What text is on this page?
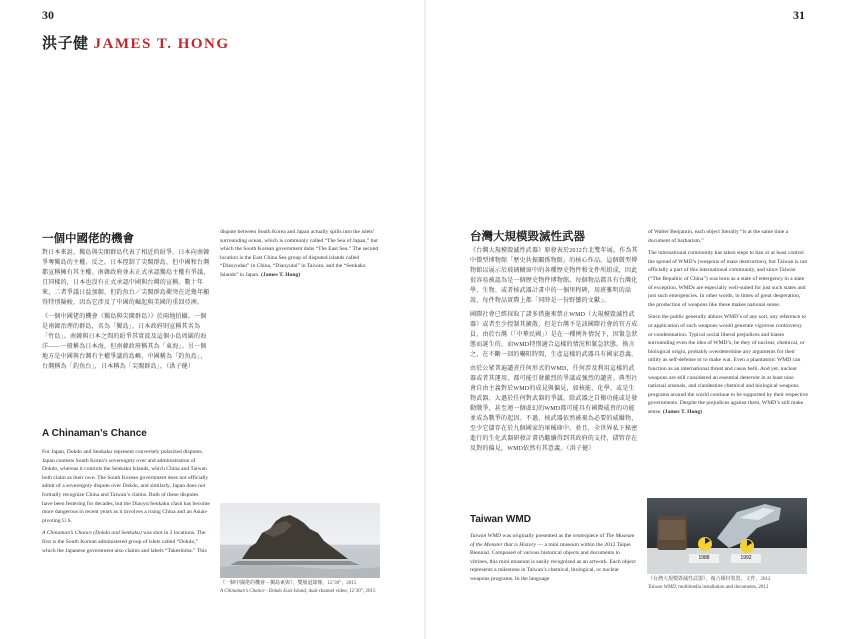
30	31
洪子健 JAMES T. HONG
一個中國佬的機會

對日本來說，獨島與尖閣群島代表了相近的紛爭。日本向南韓爭奪獨島的主權，反之，日本控制了尖閣群島，但中國和台灣都宣稱擁有其主權。南韓政府並未正式承認獨島主權有爭議，且同樣的，日本也沒有正式承認中國與台灣的宣稱。數十年來，二者爭議日益加劇，但釣魚台／尖閣群島衝突在近幾年顯得特別險峻，因為它涉及了中國的崛起與美國的重回亞洲。

《一個中國佬的機會（獨島與尖閣群島）》於兩地拍攝。一個是南韓治理的群島，名為「獨島」，日本政府則宣稱其名為「竹島」。南韓與日本之間的紛爭其實波及這個小島周圍的海洋——一般稱為日本海，但南韓政府稱其為「東海」。另一個地方是中國與台灣有主權爭議的島嶼，中國稱為「釣魚島」，台灣稱為「釣魚台」，日本稱為「尖閣群島」。（洪子健）

A Chinaman’s Chance

For Japan, Dokdo and Senkaku represent conversely polarized disputes. Japan contests South Korea’s sovereignty over and administration of Dokdo, whereas it controls the Senkaku Islands, which China and Taiwan both claim as their own. The South Korean government does not officially admit of a sovereignty dispute over Dokdo, and similarly, Japan does not formally recognize China and Taiwan’s claims. Both of these disputes have been festering for decades, but the Diaoyu/Senkaku clash has become more dangerous in recent years as it involves a rising China and an Asian-pivoting U.S.

A Chinaman’s Chance (Dokdo and Senkaku) was shot in 2 locations. The first is the South Korean administered group of islets called “Dokdo,” which the Japanese government also claims and labels “Takeshima.” This

dispute between South Korea and Japan actually spills into the islets’ surrounding ocean, which is commonly called “The Sea of Japan,” but which the South Korean government dubs “The East Sea.” The second location is the East China Sea group of disputed islands called “Diaoyudao” in China, “Diaoyutai” in Taiwan, and the “Senkaku Islands” in Japan. (James T. Hong)

《一個中國佬的機會－獨島東與》，雙頻道錄像，12’30”，2015
A Chinaman’s Chance - Dokdo East Island, dual-channel video, 12’30”, 2015
台灣大規模毀滅性武器

《台灣大規模毀滅性武器》原發表於2012台北雙年展，作為其中微型博物館「歷史共振關係物館」的核心作品。這個微型博物館以展示於玻璃櫥窗中的各種歷史物件和文件所組成，因此很容易被認為是一個歷史物件博物館。每個物品都具有台灣化學、生物、或者核武器計畫中的一個里程碑，用班雅明的話說，每件物品實際上都「同時是一份野蠻的文獻」。

國際社會已經採取了諸多措施來禁止WMD（大規模毀滅性武器）或者至少控制其擴散，但是台灣不是該國際社會的官方成員，由於台灣（「中華民國」）是在一種例外情況下，因緊急狀態而誕生的，而WMD特別適合這樣的情況和緊急狀態。換言之，在不斷一回的嚇阻時間，生產這樣的武器具有國家意義。

由於公眾普遍譴責任何形式的WMD，任何涉及利用這樣的武器或者其運用，都可能引發激烈的爭議或強烈的譴責。典型社會自由主義對於WMD的成見與偏見，如核能、化學、或是生物武器，大過於任何對武器的爭議，除武器之自衛功能或是發動戰爭，甚至連一個虛幻的WMD都可能具有國際威脅的功能並成為戰爭的起因。不過，核武器依然被視為必要的威懾物，至少它儲存在於九個國家的軍械庫中。並且，全世界私下秘密進行的生化武器研發計畫仍繼續得到其政府的支持，儘管存在反對的偏見，WMD依然有其意義。（洪子健）

Taiwan WMD

Taiwan WMD was originally presented as the centerpiece of The Museum of the Monster that is History — a mini museum within the 2012 Taipei Biennial. Composed of various historical objects and documents in vitrines, this mini museum is easily recognized as an artwork. Each object represents a milestone in Taiwan’s chemical, biological, or nuclear weapons programs. In the language

of Walter Benjamin, each object literally “is at the same time a document of barbarism.”

The international community has taken steps to ban or at least control the spread of WMD’s (weapons of mass destruction), but Taiwan is not officially a part of this international community, and since Taiwan (“The Republic of China”) was born as a state of emergency in a state of exception, WMDs are especially well-suited for just such states and just such emergencies. In other words, in times of great desperation, the production of weapons like these makes national sense.

Since the public generally abhors WMD’s of any sort, any reference to or application of such weapons would generate vigorous controversy or condemnation. Typical social liberal prejudices and biases surrounding even the idea of WMD’s, be they of nuclear, chemical, or biological origin, probably overdetermine any arguments for their utility as self-defense or to make war. Even a phantasmic WMD can function as an international threat and casus belli. And yet, nuclear weapons are still considered an essential deterrent in at least nine national arsenals, and clandestine chemical and biological weapons programs around the world continue to be supported by their respective governments. Despite the prejudices against them, WMD’s still make sense. (James T. Hong)

1988	1992
《台灣大規模毀滅性武器》，複合媒材裝置，文件，2012
Taiwan WMD, multimedia installation and documents, 2012
